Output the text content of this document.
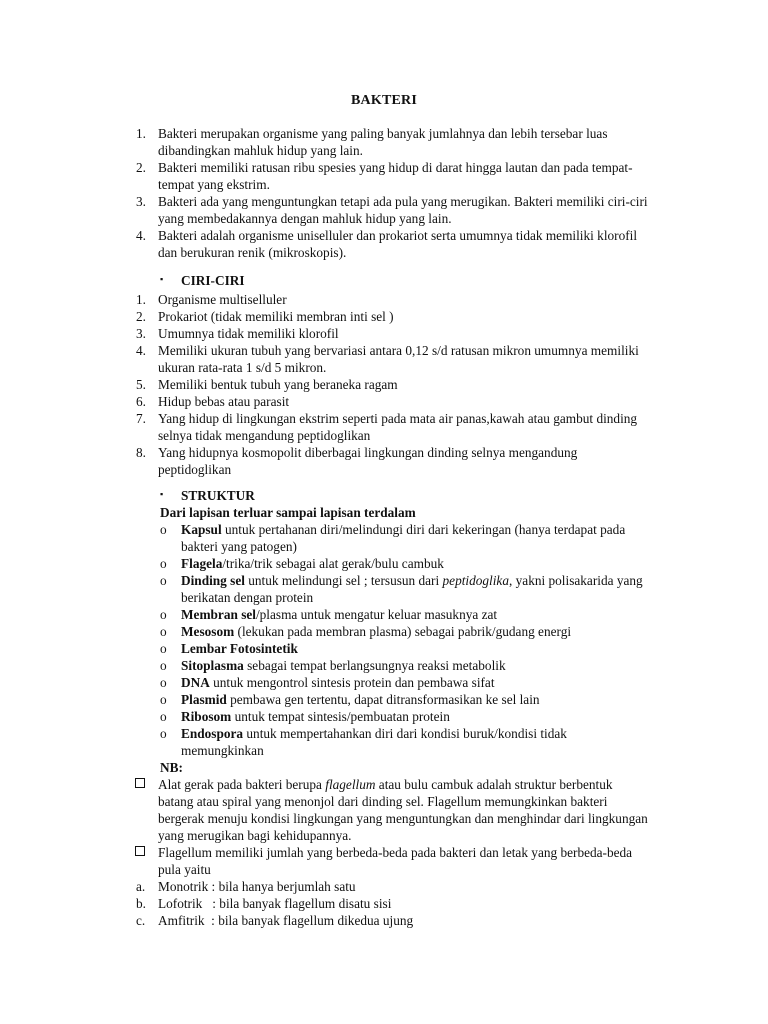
BAKTERI
1. Bakteri merupakan organisme yang paling banyak jumlahnya dan lebih tersebar luas dibandingkan mahluk hidup yang lain.
2. Bakteri memiliki ratusan ribu spesies yang hidup di darat hingga lautan dan pada tempat-tempat yang ekstrim.
3. Bakteri ada yang menguntungkan tetapi ada pula yang merugikan. Bakteri memiliki ciri-ciri yang membedakannya dengan mahluk hidup yang lain.
4. Bakteri adalah organisme uniselluler dan prokariot serta umumnya tidak memiliki klorofil dan berukuran renik (mikroskopis).
▪	CIRI-CIRI
1. Organisme multiselluler
2. Prokariot (tidak memiliki membran inti sel )
3. Umumnya tidak memiliki klorofil
4. Memiliki ukuran tubuh yang bervariasi antara 0,12 s/d ratusan mikron umumnya memiliki ukuran rata-rata 1 s/d 5 mikron.
5. Memiliki bentuk tubuh yang beraneka ragam
6. Hidup bebas atau parasit
7. Yang hidup di lingkungan ekstrim seperti pada mata air panas,kawah atau gambut dinding selnya tidak mengandung peptidoglikan
8. Yang hidupnya kosmopolit diberbagai lingkungan dinding selnya mengandung peptidoglikan
▪	STRUKTUR
Dari lapisan terluar sampai lapisan terdalam
o	Kapsul untuk pertahanan diri/melindungi diri dari kekeringan (hanya terdapat pada bakteri yang patogen)
o	Flagela/trika/trik sebagai alat gerak/bulu cambuk
o	Dinding sel untuk melindungi sel ; tersusun dari peptidoglika, yakni polisakarida yang berikatan dengan protein
o	Membran sel/plasma untuk mengatur keluar masuknya zat
o	Mesosom (lekukan pada membran plasma) sebagai pabrik/gudang energi
o	Lembar Fotosintetik
o	Sitoplasma sebagai tempat berlangsungnya reaksi metabolik
o	DNA untuk mengontrol sintesis protein dan pembawa sifat
o	Plasmid pembawa gen tertentu, dapat ditransformasikan ke sel lain
o	Ribosom untuk tempat sintesis/pembuatan protein
o	Endospora untuk mempertahankan diri dari kondisi buruk/kondisi tidak memungkinkan
NB:
Alat gerak pada bakteri berupa flagellum atau bulu cambuk adalah struktur berbentuk batang atau spiral yang menonjol dari dinding sel. Flagellum memungkinkan bakteri bergerak menuju kondisi lingkungan yang menguntungkan dan menghindar dari lingkungan yang merugikan bagi kehidupannya.
Flagellum memiliki jumlah yang berbeda-beda pada bakteri dan letak yang berbeda-beda pula yaitu
a. Monotrik : bila hanya berjumlah satu
b. Lofotrik   : bila banyak flagellum disatu sisi
c. Amfitrik  : bila banyak flagellum dikedua ujung
